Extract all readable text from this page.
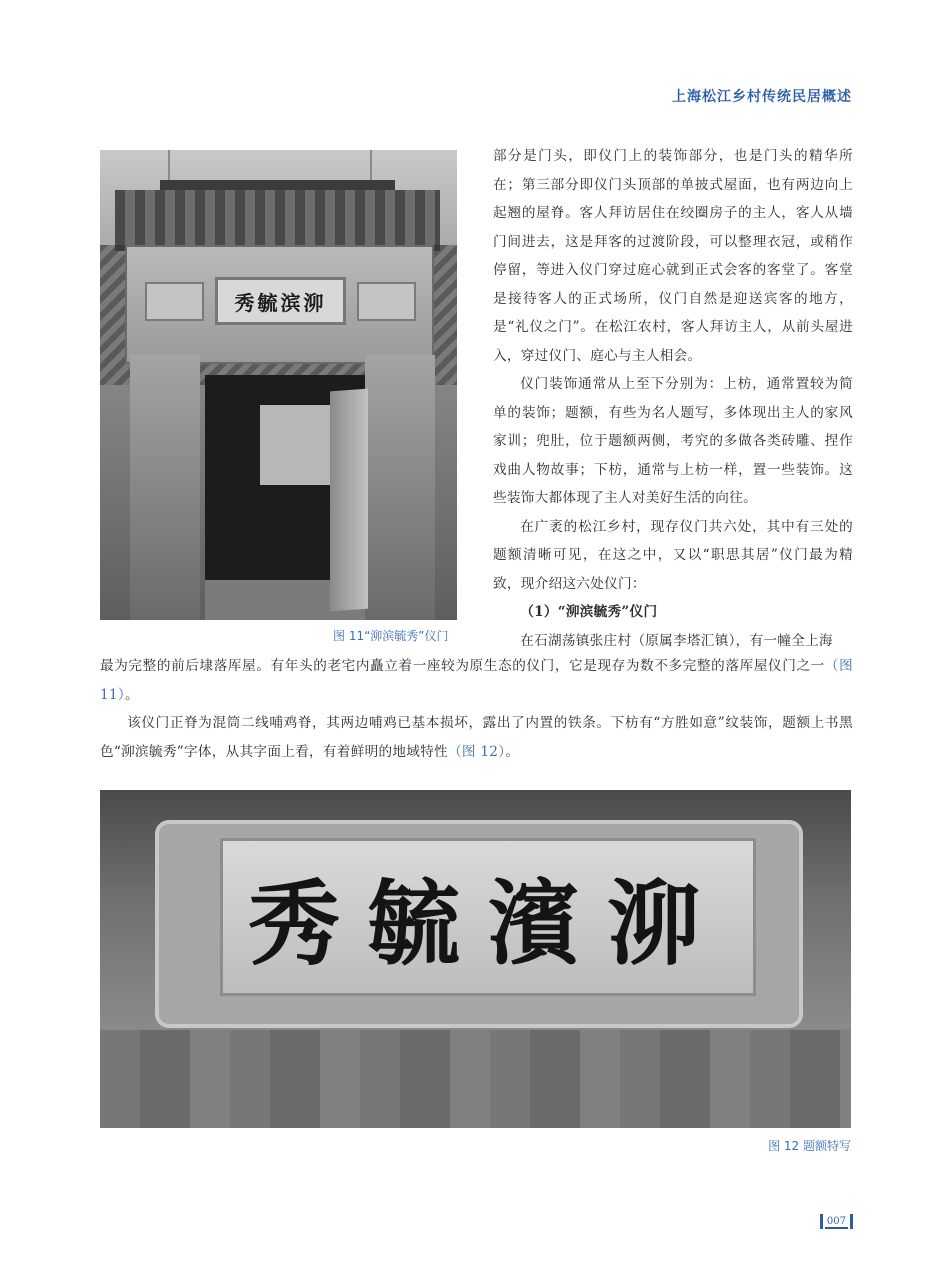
上海松江乡村传统民居概述
秀毓滨泖
图 11“泖滨毓秀”仪门

部分是门头，即仪门上的装饰部分，也是门头的精华所在；第三部分即仪门头顶部的单披式屋面，也有两边向上起翘的屋脊。客人拜访居住在绞圈房子的主人，客人从墙门间进去，这是拜客的过渡阶段，可以整理衣冠，或稍作停留，等进入仪门穿过庭心就到正式会客的客堂了。客堂是接待客人的正式场所，仪门自然是迎送宾客的地方，是“礼仪之门”。在松江农村，客人拜访主人，从前头屋进入，穿过仪门、庭心与主人相会。

仪门装饰通常从上至下分别为：上枋，通常置较为简单的装饰；题额，有些为名人题写，多体现出主人的家风家训；兜肚，位于题额两侧，考究的多做各类砖雕、捏作戏曲人物故事；下枋，通常与上枋一样，置一些装饰。这些装饰大都体现了主人对美好生活的向往。

在广袤的松江乡村，现存仪门共六处，其中有三处的题额清晰可见，在这之中，又以“职思其居”仪门最为精致，现介绍这六处仪门：

（1）“泖滨毓秀”仪门

在石湖荡镇张庄村（原属李塔汇镇），有一幢全上海

最为完整的前后埭落厍屋。有年头的老宅内矗立着一座较为原生态的仪门，它是现存为数不多完整的落厍屋仪门之一（图 11）。

该仪门正脊为混筒二线哺鸡脊，其两边哺鸡已基本损坏，露出了内置的铁条。下枋有“方胜如意”纹装饰，题额上书黑色“泖滨毓秀”字体，从其字面上看，有着鲜明的地域特性（图 12）。

秀毓濱泖
图 12 题额特写
007
